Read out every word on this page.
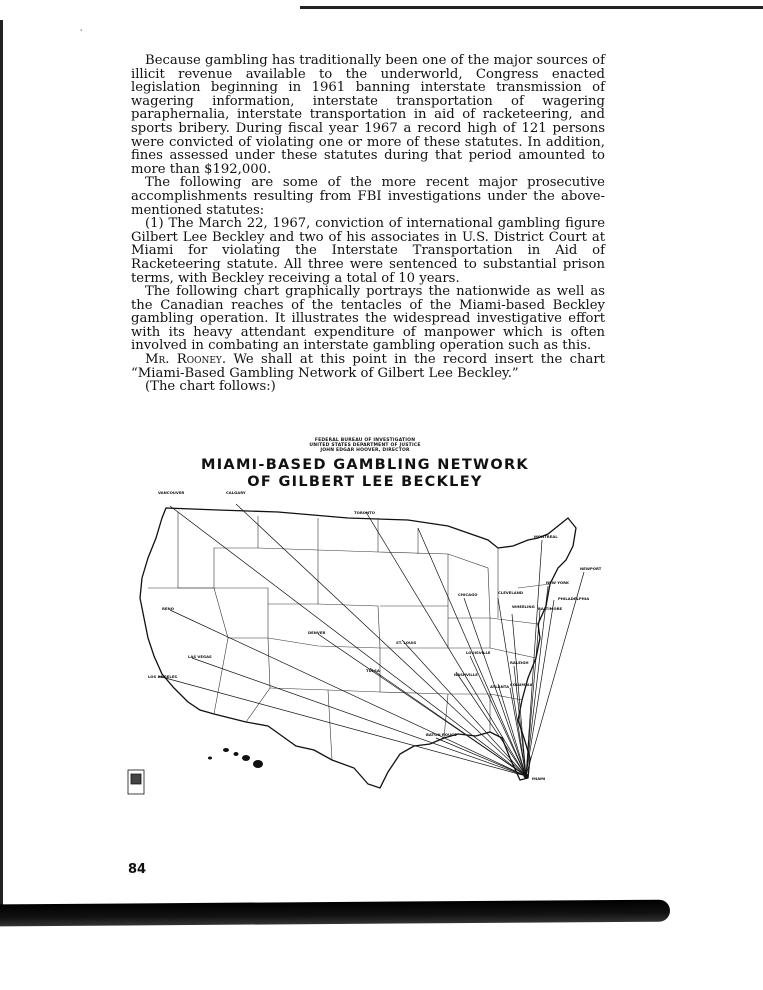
'

Because gambling has traditionally been one of the major sources of illicit revenue available to the underworld, Congress enacted legislation beginning in 1961 banning interstate transmission of wagering information, interstate transportation of wagering paraphernalia, interstate transportation in aid of racketeering, and sports bribery. During fiscal year 1967 a record high of 121 persons were convicted of violating one or more of these statutes. In addition, fines assessed under these statutes during that period amounted to more than $192,000.

The following are some of the more recent major prosecutive accomplishments resulting from FBI investigations under the above-mentioned statutes:

(1) The March 22, 1967, conviction of international gambling figure Gilbert Lee Beckley and two of his associates in U.S. District Court at Miami for violating the Interstate Transportation in Aid of Racketeering statute. All three were sentenced to substantial prison terms, with Beckley receiving a total of 10 years.

The following chart graphically portrays the nationwide as well as the Canadian reaches of the tentacles of the Miami-based Beckley gambling operation. It illustrates the widespread investigative effort with its heavy attendant expenditure of manpower which is often involved in combating an interstate gambling operation such as this.

Mr. Rooney. We shall at this point in the record insert the chart “Miami-Based Gambling Network of Gilbert Lee Beckley.”

(The chart follows:)

FEDERAL BUREAU OF INVESTIGATION
UNITED STATES DEPARTMENT OF JUSTICE
JOHN EDGAR HOOVER, DIRECTOR
MIAMI-BASED GAMBLING NETWORK
OF GILBERT LEE BECKLEY
VANCOUVER	CALGARY
TORONTO
MONTREAL
NEWPORT
NEW YORK
PHILADELPHIA
BALTIMORE
WHEELING
CLEVELAND
CHICAGO
ST. LOUIS
LOUISVILLE
RALEIGH
ATLANTA COLUMBIA
TULSA
DENVER
RENO
LAS VEGAS
LOS ANGELES
BATON ROUGE
NASHVILLE
MIAMI
84
